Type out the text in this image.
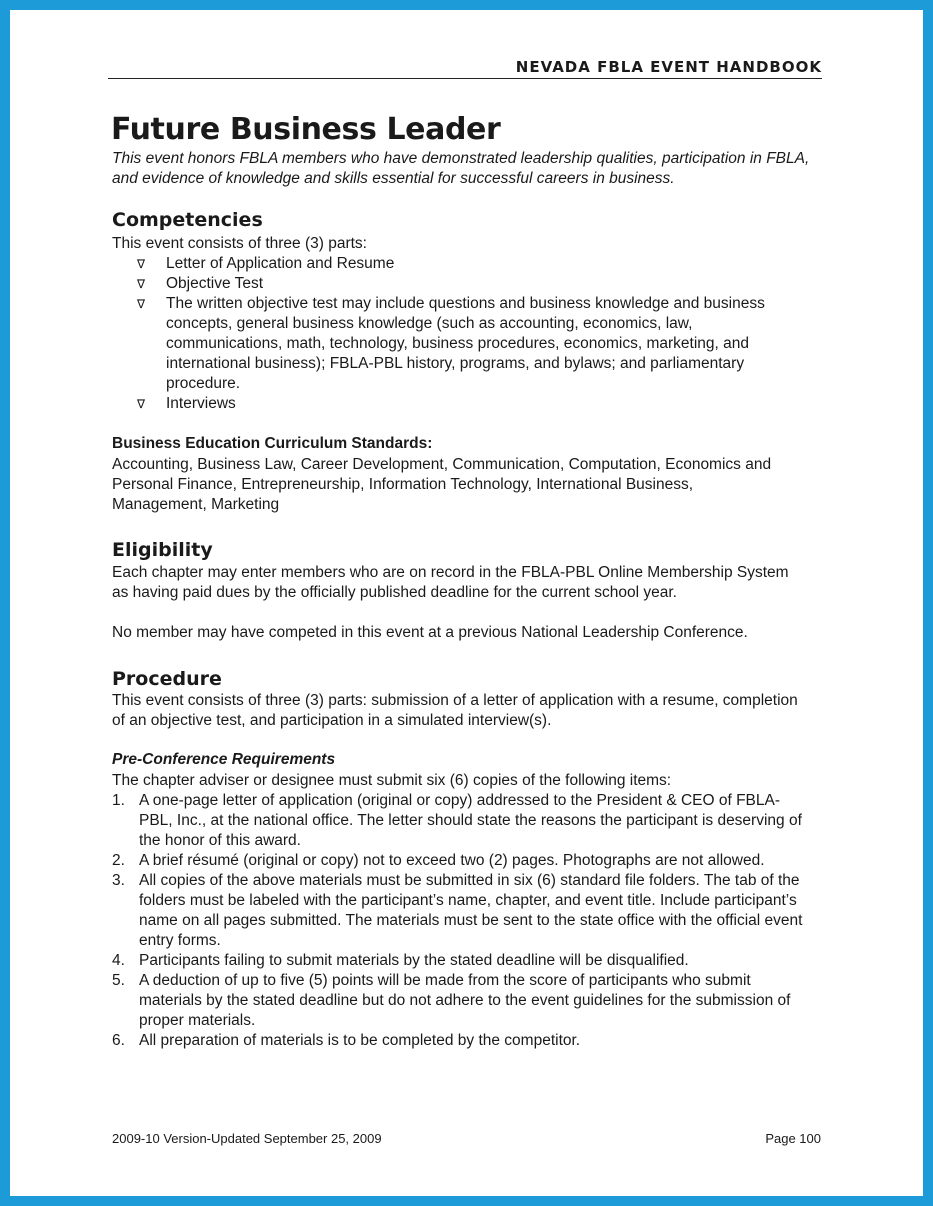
NEVADA FBLA EVENT HANDBOOK
Future Business Leader
This event honors FBLA members who have demonstrated leadership qualities, participation in FBLA, and evidence of knowledge and skills essential for successful careers in business.
Competencies
This event consists of three (3) parts:
∇ Letter of Application and Resume
∇ Objective Test
∇ The written objective test may include questions and business knowledge and business concepts, general business knowledge (such as accounting, economics, law, communications, math, technology, business procedures, economics, marketing, and international business); FBLA-PBL history, programs, and bylaws; and parliamentary procedure.
∇ Interviews
Business Education Curriculum Standards:
Accounting, Business Law, Career Development, Communication, Computation, Economics and Personal Finance, Entrepreneurship, Information Technology, International Business, Management, Marketing
Eligibility
Each chapter may enter members who are on record in the FBLA-PBL Online Membership System as having paid dues by the officially published deadline for the current school year.
No member may have competed in this event at a previous National Leadership Conference.
Procedure
This event consists of three (3) parts: submission of a letter of application with a resume, completion of an objective test, and participation in a simulated interview(s).
Pre-Conference Requirements
The chapter adviser or designee must submit six (6) copies of the following items:
1. A one-page letter of application (original or copy) addressed to the President & CEO of FBLA-PBL, Inc., at the national office. The letter should state the reasons the participant is deserving of the honor of this award.
2. A brief résumé (original or copy) not to exceed two (2) pages. Photographs are not allowed.
3. All copies of the above materials must be submitted in six (6) standard file folders. The tab of the folders must be labeled with the participant’s name, chapter, and event title. Include participant’s name on all pages submitted. The materials must be sent to the state office with the official event entry forms.
4. Participants failing to submit materials by the stated deadline will be disqualified.
5. A deduction of up to five (5) points will be made from the score of participants who submit materials by the stated deadline but do not adhere to the event guidelines for the submission of proper materials.
6. All preparation of materials is to be completed by the competitor.
2009-10 Version-Updated September 25, 2009	Page 100
